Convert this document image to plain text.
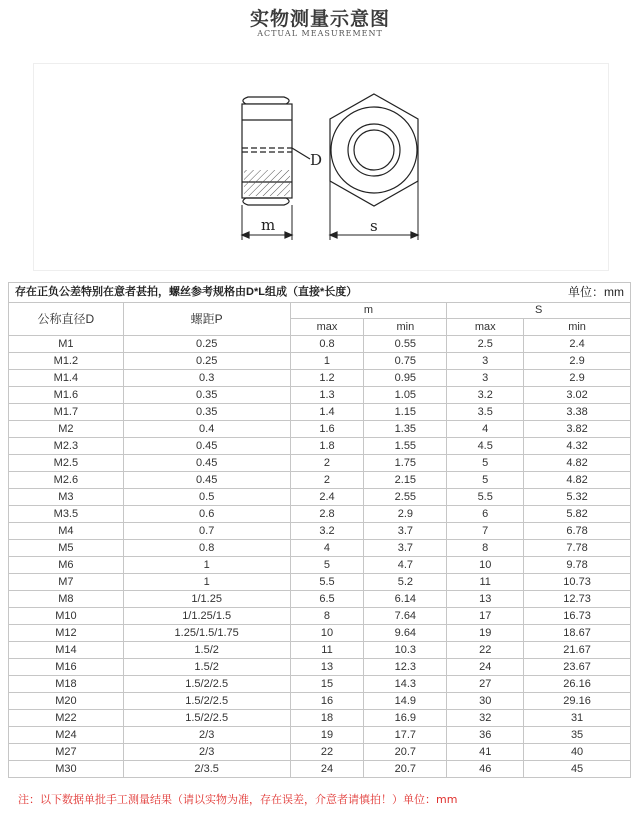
实物测量示意图
ACTUAL MEASUREMENT
D
m	s
存在正负公差特别在意者甚拍，螺丝参考规格由D*L组成（直接*长度） 单位：mm					

公称直径D	螺距P	m		S	
		max	min	max	min
M1	0.25	0.8	0.55	2.5	2.4
M1.2	0.25	1	0.75	3	2.9
M1.4	0.3	1.2	0.95	3	2.9
M1.6	0.35	1.3	1.05	3.2	3.02
M1.7	0.35	1.4	1.15	3.5	3.38
M2	0.4	1.6	1.35	4	3.82
M2.3	0.45	1.8	1.55	4.5	4.32
M2.5	0.45	2	1.75	5	4.82
M2.6	0.45	2	2.15	5	4.82
M3	0.5	2.4	2.55	5.5	5.32
M3.5	0.6	2.8	2.9	6	5.82
M4	0.7	3.2	3.7	7	6.78
M5	0.8	4	3.7	8	7.78
M6	1	5	4.7	10	9.78
M7	1	5.5	5.2	11	10.73
M8	1/1.25	6.5	6.14	13	12.73
M10	1/1.25/1.5	8	7.64	17	16.73
M12	1.25/1.5/1.75	10	9.64	19	18.67
M14	1.5/2	11	10.3	22	21.67
M16	1.5/2	13	12.3	24	23.67
M18	1.5/2/2.5	15	14.3	27	26.16
M20	1.5/2/2.5	16	14.9	30	29.16
M22	1.5/2/2.5	18	16.9	32	31
M24	2/3	19	17.7	36	35
M27	2/3	22	20.7	41	40
M30	2/3.5	24	20.7	46	45
注：以下数据单批手工测量结果（请以实物为准，存在误差，介意者请慎拍！）单位：mm
